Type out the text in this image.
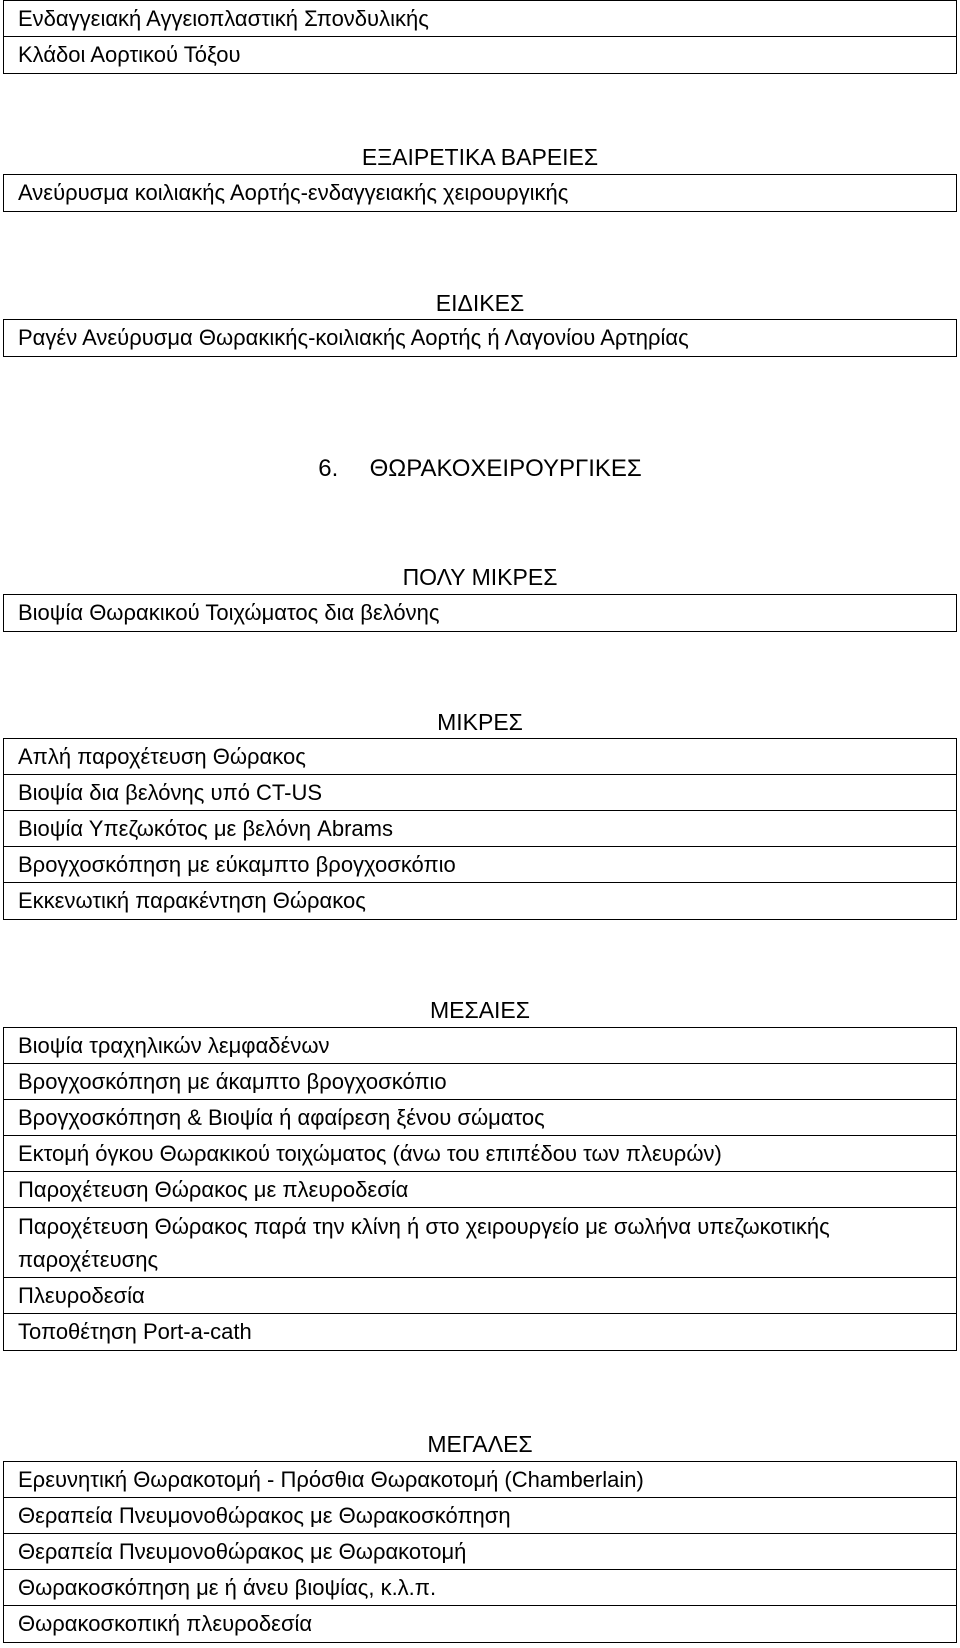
Ενδαγγειακή Αγγειοπλαστική Σπονδυλικής
Κλάδοι Αορτικού Τόξου
ΕΞΑΙΡΕΤΙΚΑ ΒΑΡΕΙΕΣ
Ανεύρυσμα κοιλιακής Αορτής-ενδαγγειακής χειρουργικής
ΕΙΔΙΚΕΣ
Ραγέν Ανεύρυσμα Θωρακικής-κοιλιακής Αορτής ή Λαγονίου Αρτηρίας
6. ΘΩΡΑΚΟΧΕΙΡΟΥΡΓΙΚΕΣ
ΠΟΛΥ ΜΙΚΡΕΣ
Βιοψία Θωρακικού Τοιχώματος δια βελόνης
ΜΙΚΡΕΣ
Απλή παροχέτευση Θώρακος
Βιοψία δια βελόνης υπό CT-US
Βιοψία Υπεζωκότος με βελόνη Abrams
Βρογχοσκόπηση με εύκαμπτο βρογχοσκόπιο
Εκκενωτική παρακέντηση Θώρακος
ΜΕΣΑΙΕΣ
Βιοψία τραχηλικών λεμφαδένων
Βρογχοσκόπηση με άκαμπτο βρογχοσκόπιο
Βρογχοσκόπηση & Βιοψία ή αφαίρεση ξένου σώματος
Εκτομή όγκου Θωρακικού τοιχώματος (άνω του επιπέδου των πλευρών)
Παροχέτευση Θώρακος με πλευροδεσία
Παροχέτευση Θώρακος παρά την κλίνη ή στο χειρουργείο με σωλήνα υπεζωκοτικής παροχέτευσης
Πλευροδεσία
Τοποθέτηση Port-a-cath
ΜΕΓΑΛΕΣ
Ερευνητική Θωρακοτομή - Πρόσθια Θωρακοτομή (Chamberlain)
Θεραπεία Πνευμονοθώρακος με Θωρακοσκόπηση
Θεραπεία Πνευμονοθώρακος με Θωρακοτομή
Θωρακοσκόπηση με ή άνευ βιοψίας, κ.λ.π.
Θωρακοσκοπική πλευροδεσία
